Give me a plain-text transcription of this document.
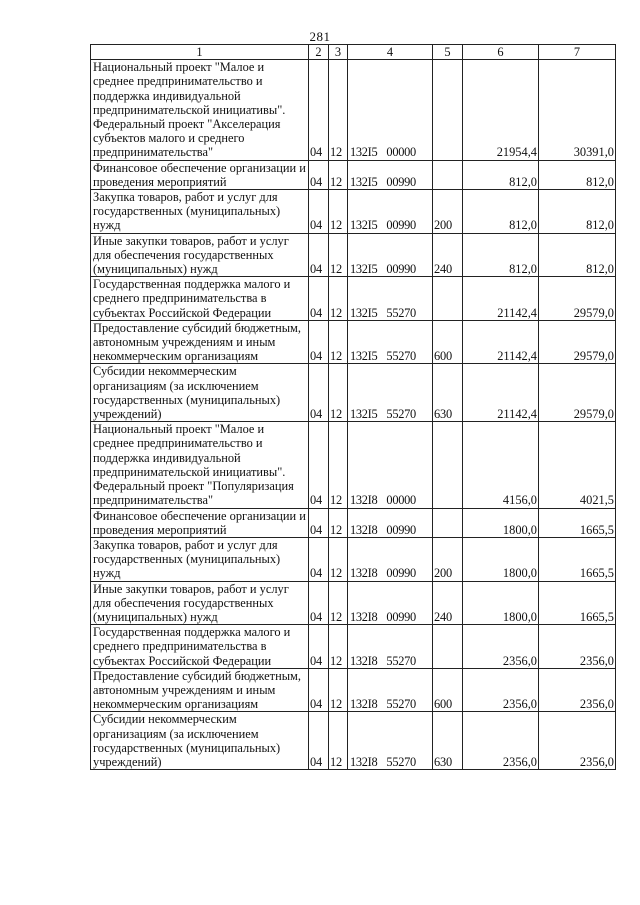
281
1	2	3	4	5	6	7
Национальный проект "Малое и среднее предпринимательство и поддержка индивидуальной предпринимательской инициативы". Федеральный проект "Акселерация субъектов малого и среднего предпринимательства"	04	12	132I5 00000		21954,4	30391,0
Финансовое обеспечение организации и проведения мероприятий	04	12	132I5 00990		812,0	812,0
Закупка товаров, работ и услуг для государственных (муниципальных) нужд	04	12	132I5 00990	200	812,0	812,0
Иные закупки товаров, работ и услуг для обеспечения государственных (муниципальных) нужд	04	12	132I5 00990	240	812,0	812,0
Государственная поддержка малого и среднего предпринимательства в субъектах Российской Федерации	04	12	132I5 55270		21142,4	29579,0
Предоставление субсидий бюджетным, автономным учреждениям и иным некоммерческим организациям	04	12	132I5 55270	600	21142,4	29579,0
Субсидии некоммерческим организациям (за исключением государственных (муниципальных) учреждений)	04	12	132I5 55270	630	21142,4	29579,0
Национальный проект "Малое и среднее предпринимательство и поддержка индивидуальной предпринимательской инициативы". Федеральный проект "Популяризация предпринимательства"	04	12	132I8 00000		4156,0	4021,5
Финансовое обеспечение организации и проведения мероприятий	04	12	132I8 00990		1800,0	1665,5
Закупка товаров, работ и услуг для государственных (муниципальных) нужд	04	12	132I8 00990	200	1800,0	1665,5
Иные закупки товаров, работ и услуг для обеспечения государственных (муниципальных) нужд	04	12	132I8 00990	240	1800,0	1665,5
Государственная поддержка малого и среднего предпринимательства в субъектах Российской Федерации	04	12	132I8 55270		2356,0	2356,0
Предоставление субсидий бюджетным, автономным учреждениям и иным некоммерческим организациям	04	12	132I8 55270	600	2356,0	2356,0
Субсидии некоммерческим организациям (за исключением государственных (муниципальных) учреждений)	04	12	132I8 55270	630	2356,0	2356,0
